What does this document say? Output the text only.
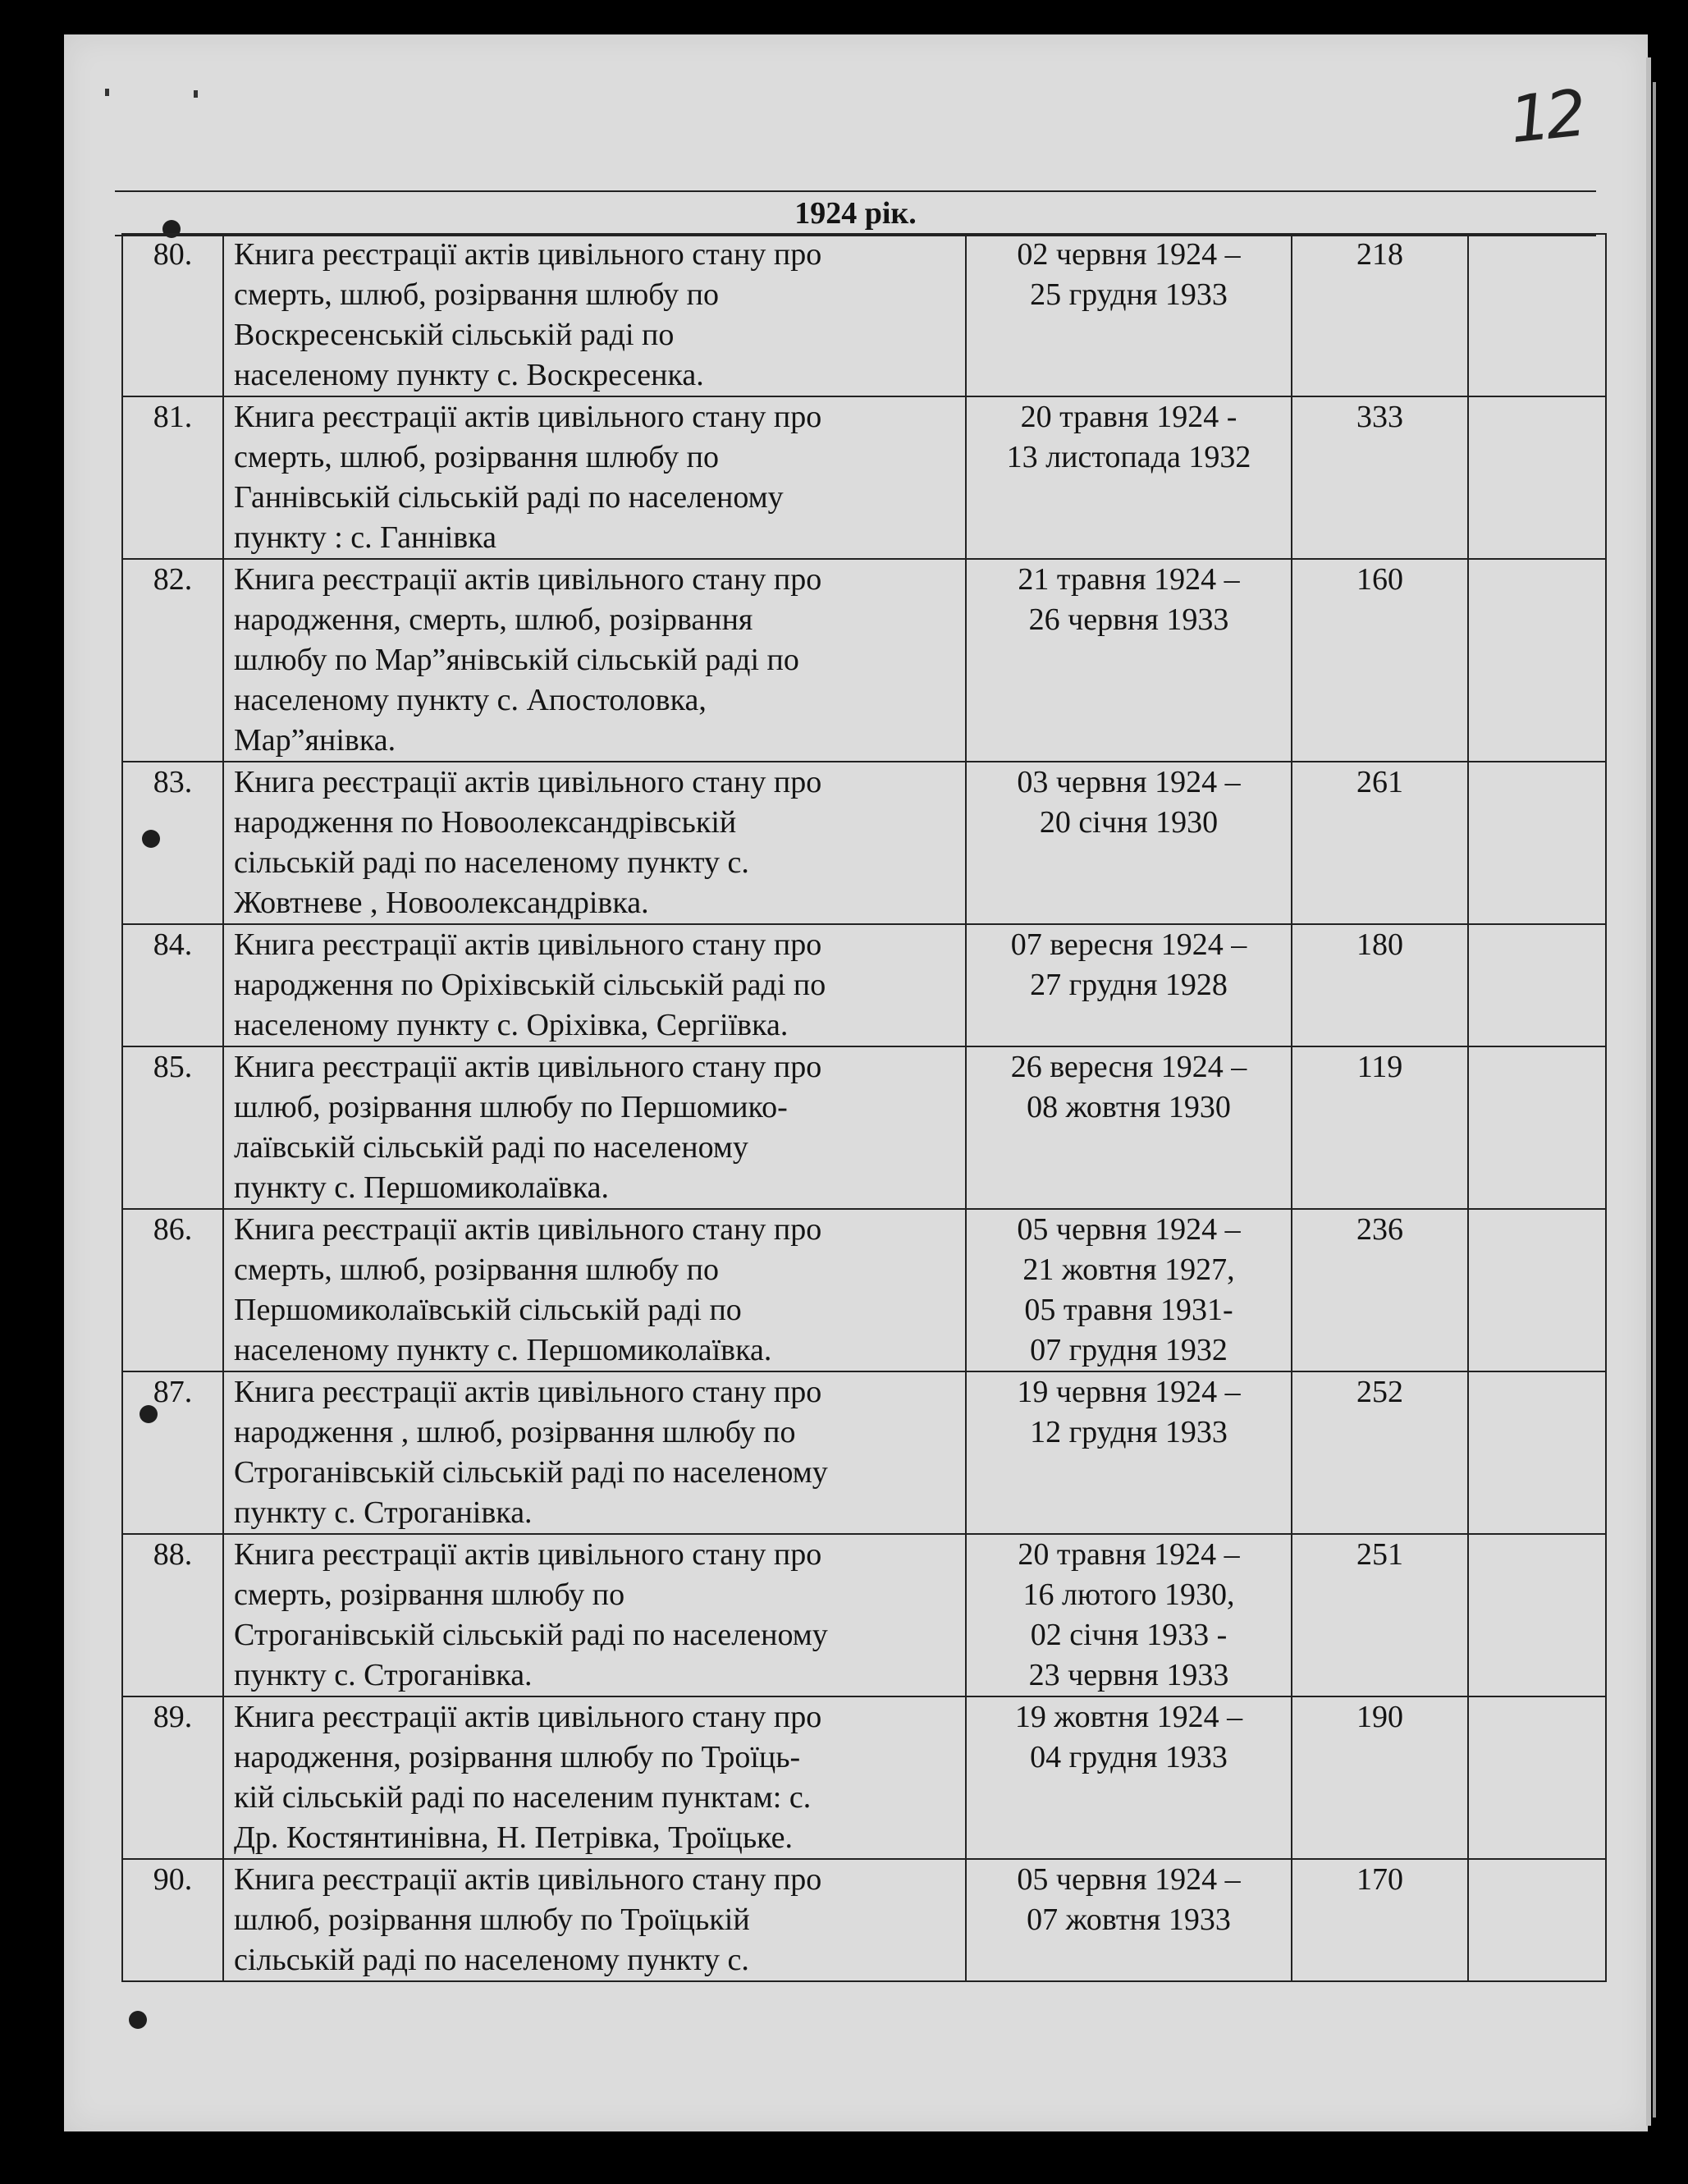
12
1924 рік.
80.	Книга реєстрації актів цивільного стану про
смерть, шлюб, розірвання шлюбу по
Воскресенській сільській раді по
населеному пункту с. Воскресенка.	02 червня 1924 –
25 грудня 1933	218	
81.	Книга реєстрації актів цивільного стану про
смерть, шлюб, розірвання шлюбу по
Ганнівській сільській раді по населеному
пункту : с. Ганнівка	20 травня 1924 -
13 листопада 1932	333	
82.	Книга реєстрації актів цивільного стану про
народження, смерть, шлюб, розірвання
шлюбу по Мар”янівській сільській раді по
населеному пункту с. Апостоловка,
Мар”янівка.	21 травня 1924 –
26 червня 1933	160	
83.	Книга реєстрації актів цивільного стану про
народження по Новоолександрівській
сільській раді по населеному пункту с.
Жовтневе , Новоолександрівка.	03 червня 1924 –
20 січня 1930	261	
84.	Книга реєстрації актів цивільного стану про
народження по Оріхівській сільській раді по
населеному пункту с. Оріхівка, Сергіївка.	07 вересня 1924 –
27 грудня 1928	180	
85.	Книга реєстрації актів цивільного стану про
шлюб, розірвання шлюбу по Першомико-
лаївській сільській раді по населеному
пункту с. Першомиколаївка.	26 вересня 1924 –
08 жовтня 1930	119	
86.	Книга реєстрації актів цивільного стану про
смерть, шлюб, розірвання шлюбу по
Першомиколаївській сільській раді по
населеному пункту с. Першомиколаївка.	05 червня 1924 –
21 жовтня 1927,
05 травня 1931-
07 грудня 1932	236	
87.	Книга реєстрації актів цивільного стану про
народження , шлюб, розірвання шлюбу по
Строганівській сільській раді по населеному
пункту с. Строганівка.	19 червня 1924 –
12 грудня 1933	252	
88.	Книга реєстрації актів цивільного стану про
смерть, розірвання шлюбу по
Строганівській сільській раді по населеному
пункту с. Строганівка.	20 травня 1924 –
16 лютого 1930,
02 січня 1933 -
23 червня 1933	251	
89.	Книга реєстрації актів цивільного стану про
народження, розірвання шлюбу по Троїць-
кій сільській раді по населеним пунктам: с.
Др. Костянтинівна, Н. Петрівка, Троїцьке.	19 жовтня 1924 –
04 грудня 1933	190	
90.	Книга реєстрації актів цивільного стану про
шлюб, розірвання шлюбу по Троїцькій
сільській раді по населеному пункту с.	05 червня 1924 –
07 жовтня 1933	170	
